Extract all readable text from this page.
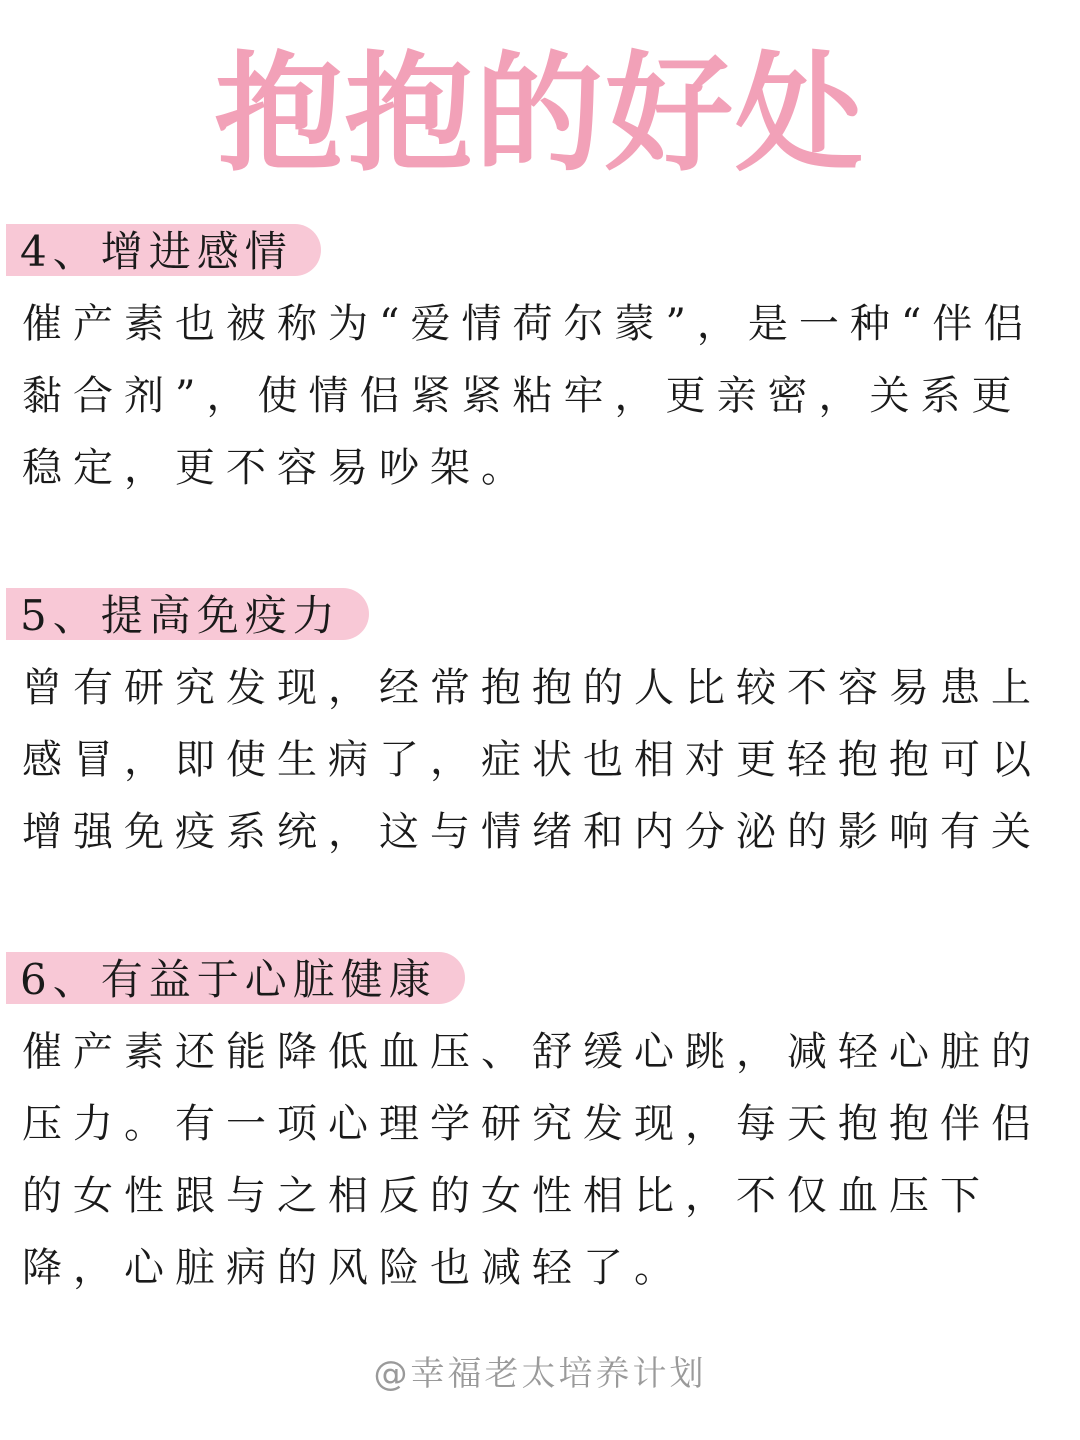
抱抱的好处
4、增进感情

催产素也被称为“爱情荷尔蒙”，是一种“伴侣黏合剂”，使情侣紧紧粘牢，更亲密，关系更稳定，更不容易吵架。

5、提高免疫力

曾有研究发现，经常抱抱的人比较不容易患上感冒，即使生病了，症状也相对更轻抱抱可以增强免疫系统，这与情绪和内分泌的影响有关

6、有益于心脏健康

催产素还能降低血压、舒缓心跳，减轻心脏的压力。有一项心理学研究发现，每天抱抱伴侣的女性跟与之相反的女性相比，不仅血压下降，心脏病的风险也减轻了。

@幸福老太培养计划
